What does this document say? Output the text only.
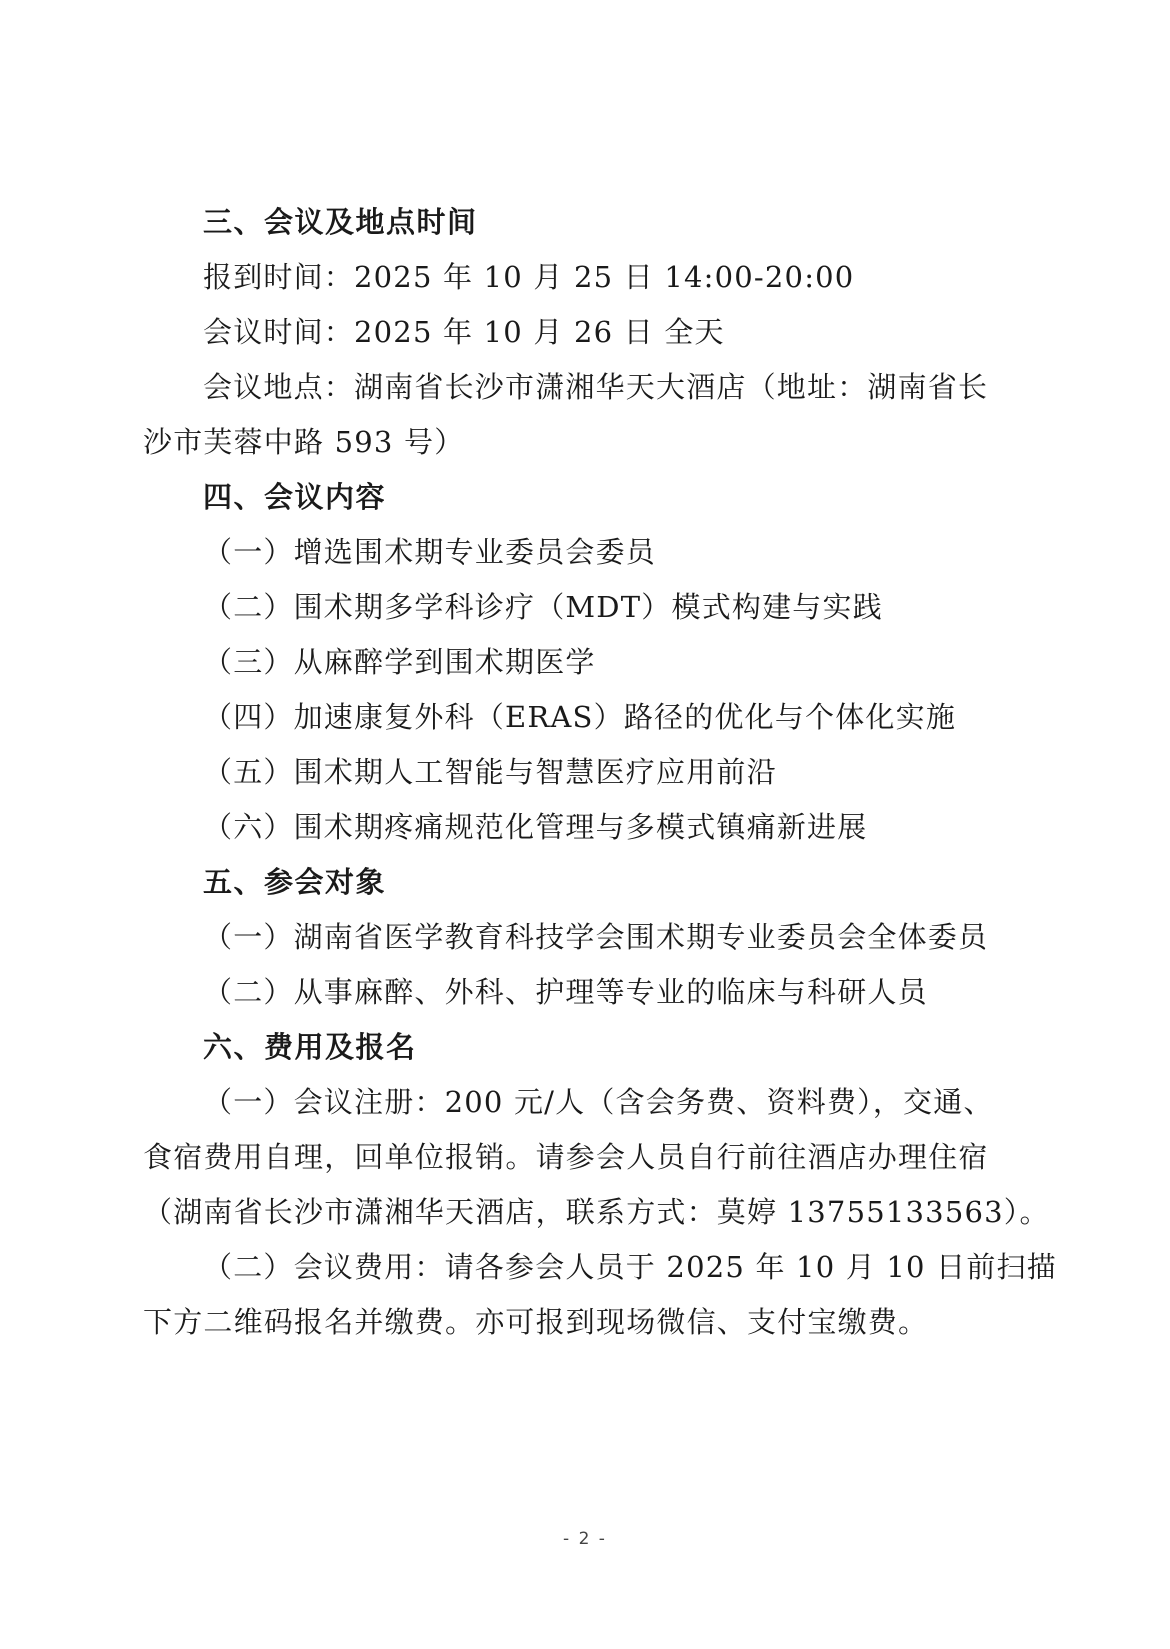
三、会议及地点时间
报到时间：2025 年 10 月 25 日 14:00-20:00
会议时间：2025 年 10 月 26 日 全天
会议地点：湖南省长沙市潇湘华天大酒店（地址：湖南省长
沙市芙蓉中路 593 号）
四、会议内容
（一）增选围术期专业委员会委员
（二）围术期多学科诊疗（MDT）模式构建与实践
（三）从麻醉学到围术期医学
（四）加速康复外科（ERAS）路径的优化与个体化实施
（五）围术期人工智能与智慧医疗应用前沿
（六）围术期疼痛规范化管理与多模式镇痛新进展
五、参会对象
（一）湖南省医学教育科技学会围术期专业委员会全体委员
（二）从事麻醉、外科、护理等专业的临床与科研人员
六、费用及报名
（一）会议注册：200 元/人（含会务费、资料费），交通、
食宿费用自理，回单位报销。请参会人员自行前往酒店办理住宿
（湖南省长沙市潇湘华天酒店，联系方式：莫婷 13755133563）。
（二）会议费用：请各参会人员于 2025 年 10 月 10 日前扫描
下方二维码报名并缴费。亦可报到现场微信、支付宝缴费。
- 2 -
